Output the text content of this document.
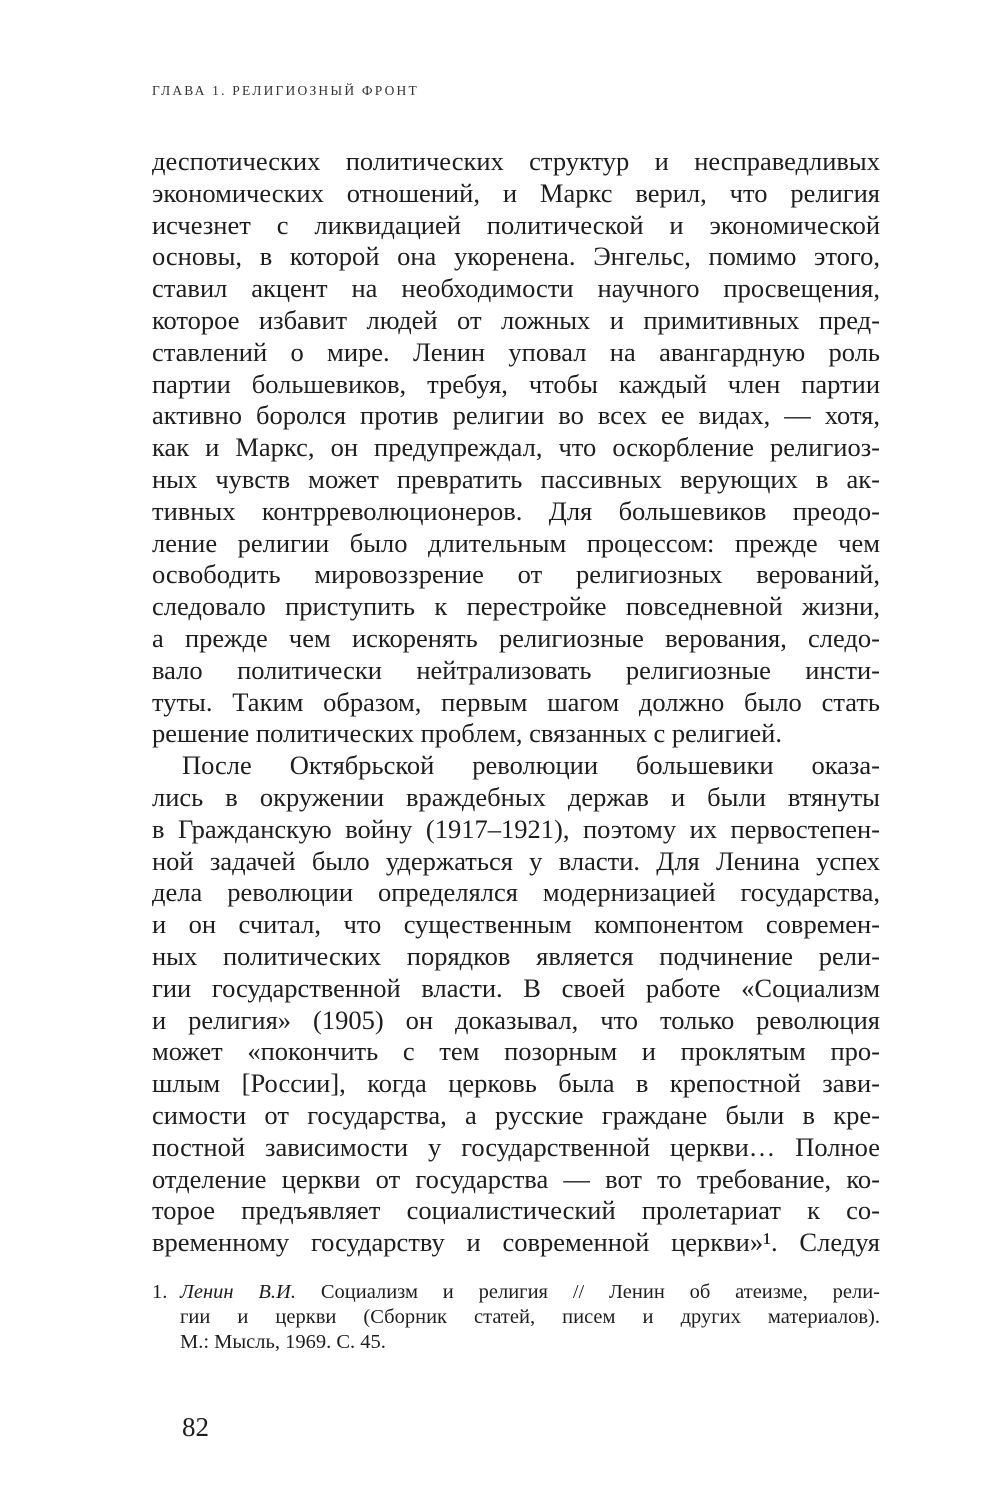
ГЛАВА 1. РЕЛИГИОЗНЫЙ ФРОНТ
деспотических политических структур и несправедливых
экономических отношений, и Маркс верил, что религия
исчезнет с ликвидацией политической и экономической
основы, в которой она укоренена. Энгельс, помимо этого,
ставил акцент на необходимости научного просвещения,
которое избавит людей от ложных и примитивных пред-
ставлений о мире. Ленин уповал на авангардную роль
партии большевиков, требуя, чтобы каждый член партии
активно боролся против религии во всех ее видах, — хотя,
как и Маркс, он предупреждал, что оскорбление религиоз-
ных чувств может превратить пассивных верующих в ак-
тивных контрреволюционеров. Для большевиков преодо-
ление религии было длительным процессом: прежде чем
освободить мировоззрение от религиозных верований,
следовало приступить к перестройке повседневной жизни,
а прежде чем искоренять религиозные верования, следо-
вало политически нейтрализовать религиозные инсти-
туты. Таким образом, первым шагом должно было стать
решение политических проблем, связанных с религией.
После Октябрьской революции большевики оказа-
лись в окружении враждебных держав и были втянуты
в Гражданскую войну (1917–1921), поэтому их первостепен-
ной задачей было удержаться у власти. Для Ленина успех
дела революции определялся модернизацией государства,
и он считал, что существенным компонентом современ-
ных политических порядков является подчинение рели-
гии государственной власти. В своей работе «Социализм
и религия» (1905) он доказывал, что только революция
может «покончить с тем позорным и проклятым про-
шлым [России], когда церковь была в крепостной зави-
симости от государства, а русские граждане были в кре-
постной зависимости у государственной церкви… Полное
отделение церкви от государства — вот то требование, ко-
торое предъявляет социалистический пролетариат к со-
временному государству и современной церкви»¹. Следуя
1. Ленин В.И. Социализм и религия // Ленин об атеизме, рели-
гии и церкви (Сборник статей, писем и других материалов).
М.: Мысль, 1969. С. 45.
82
